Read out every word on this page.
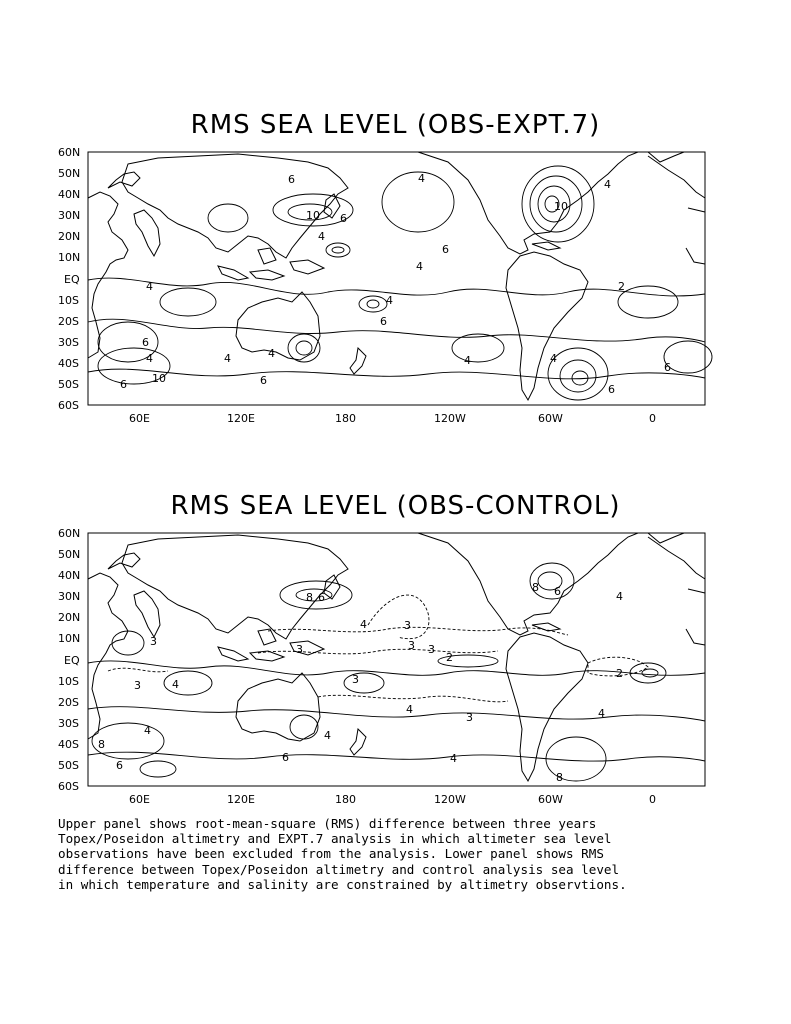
RMS SEA LEVEL (OBS-EXPT.7)
RMS SEA LEVEL (OBS-CONTROL)
6	4
10 6
4
6
4
4
4
2
4
4
6
4
6
10
6
4
6
4
6
6
10
4
60N
50N
40N
30N
20N
10N
EQ
10S
20S
30S
40S
50S
60S
60E	120E	180	120W	60W	0
8 6
8 6
4	3
3	3 3
2
3
3
3	4
3
4	4
2
4	4
6
8
6
4
4
8
60N
50N
40N
30N
20N
10N
EQ
10S
20S
30S
40S
50S
60S
60E	120E	180	120W	60W	0
Upper panel shows root-mean-square (RMS) difference between three years
Topex/Poseidon altimetry and EXPT.7 analysis in which altimeter sea level
observations have been excluded from the analysis. Lower panel shows RMS
difference between Topex/Poseidon altimetry and control analysis sea level
in which temperature and salinity are constrained by altimetry observtions.
